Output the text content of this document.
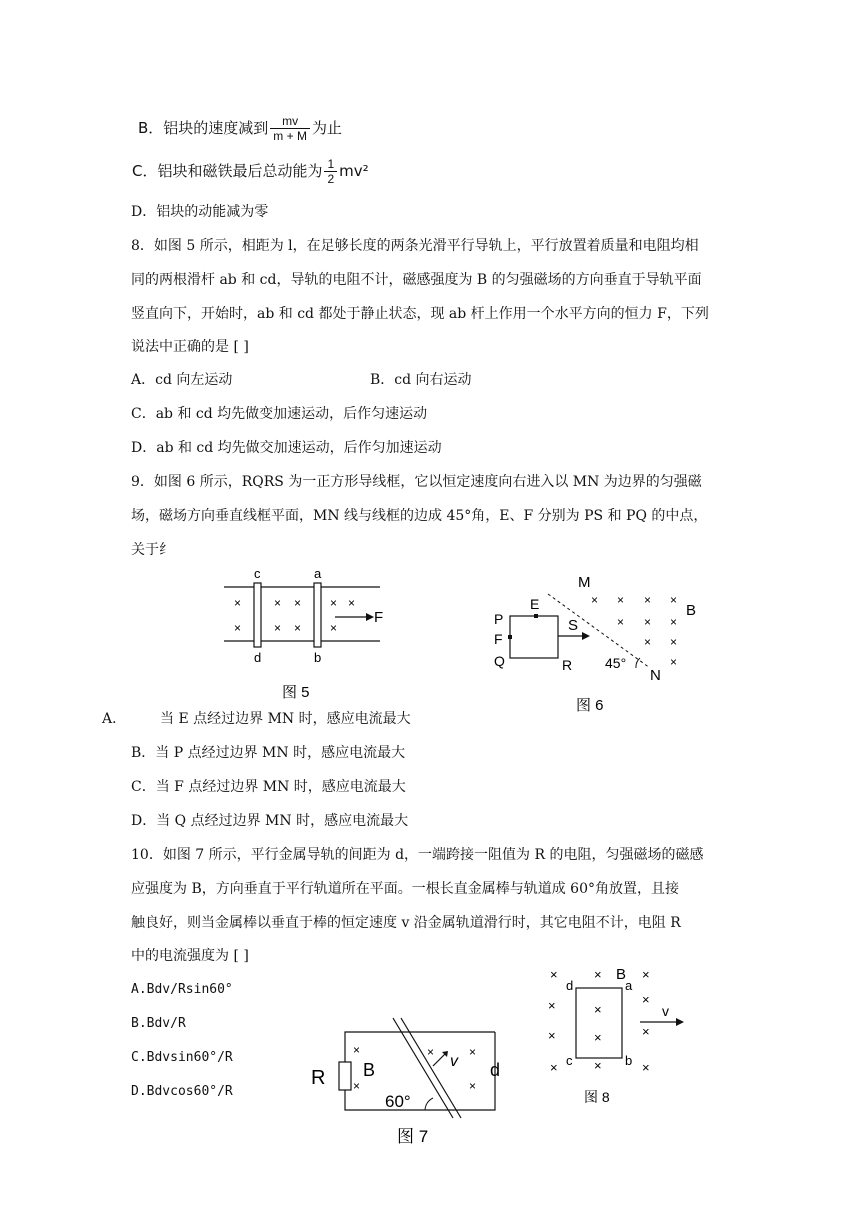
B．铝块的速度减到 $\frac{mv}{m + M}$ 为止
C．铝块和磁铁最后总动能为 $\frac{1}{2} mv^2$
D．铝块的动能减为零
8．如图 5 所示，相距为 l，在足够长度的两条光滑平行导轨上，平行放置着质量和电阻均相
同的两根滑杆 ab 和 cd，导轨的电阻不计，磁感强度为 B 的匀强磁场的方向垂直于导轨平面
竖直向下，开始时，ab 和 cd 都处于静止状态，现 ab 杆上作用一个水平方向的恒力 F，下列
说法中正确的是 [ ]
A．cd 向左运动	B．cd 向右运动
C．ab 和 cd 均先做变加速运动，后作匀速运动
D．ab 和 cd 均先做交加速运动，后作匀加速运动
9．如图 6 所示，RQRS 为一正方形导线框，它以恒定速度向右进入以 MN 为边界的匀强磁
场，磁场方向垂直线框平面，MN 线与线框的边成 45°角，E、F 分别为 PS 和 PQ 的中点，
关于纟
c	a
d	b
×	× × × ×
×	× × ×
F
图 5
M
N
E
P
F
Q	R
S
45°
B
× × × ×
× × ×
× ×
×
图 6
A． 当 E 点经过边界 MN 时，感应电流最大
B．当 P 点经过边界 MN 时，感应电流最大
C．当 F 点经过边界 MN 时，感应电流最大
D．当 Q 点经过边界 MN 时，感应电流最大
10．如图 7 所示，平行金属导轨的间距为 d，一端跨接一阻值为 R 的电阻，匀强磁场的磁感
应强度为 B，方向垂直于平行轨道所在平面。一根长直金属棒与轨道成 60°角放置，且接
触良好，则当金属棒以垂直于棒的恒定速度 v 沿金属轨道滑行时，其它电阻不计，电阻 R
中的电流强度为 [ ]
A.Bdv/Rsin60°
B.Bdv/R
C.Bdvsin60°/R
D.Bdvcos60°/R
R B
60°
×
×
×	×
×
v d
图 7
×	×	×
×	×
×
×	×	×
×	×	×
d	a
c	b
B
v
图 8
